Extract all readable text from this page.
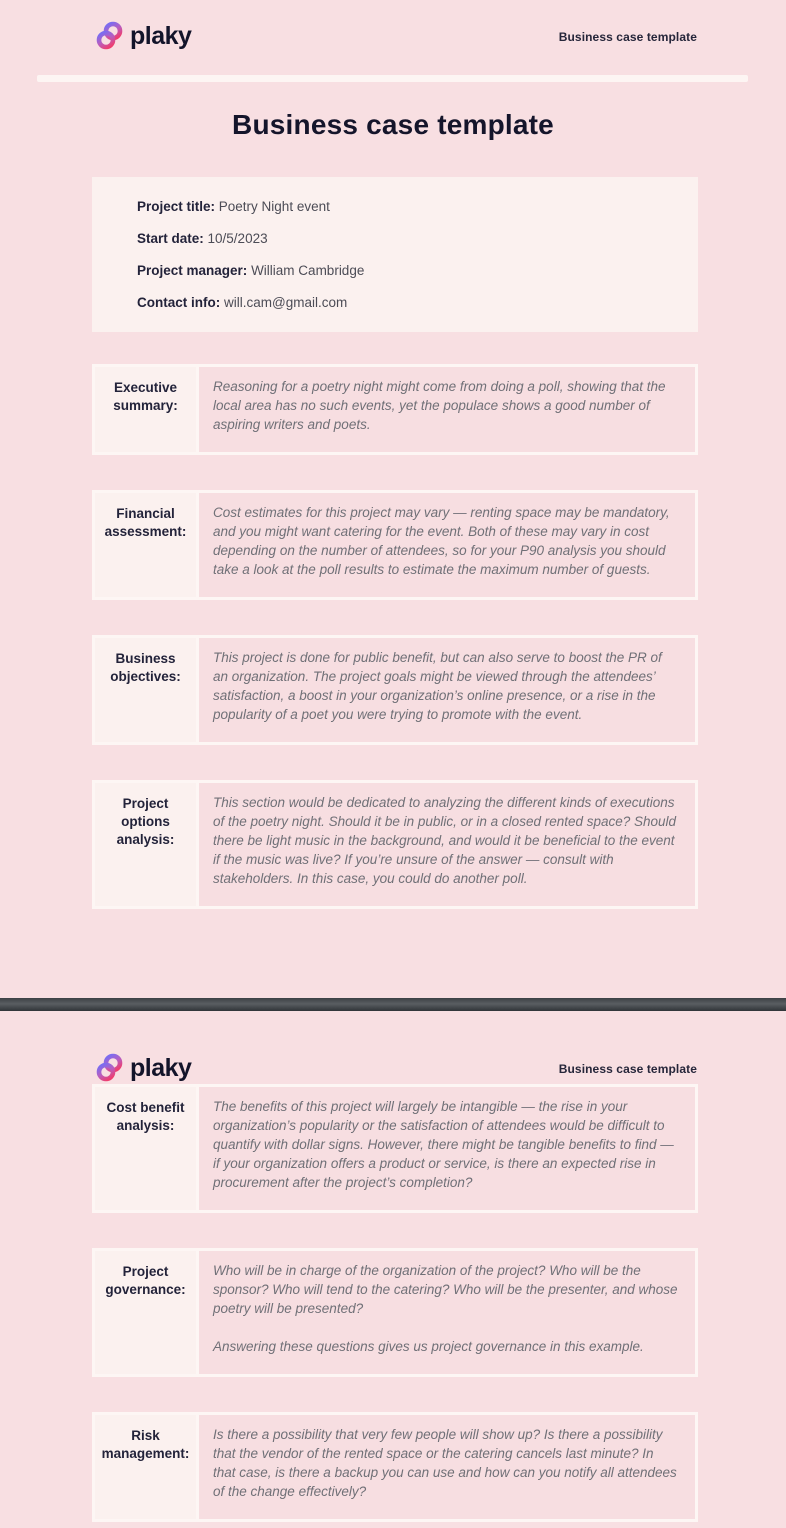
plaky	Business case template
Business case template
Project title: Poetry Night event
Start date: 10/5/2023
Project manager: William Cambridge
Contact info: will.cam@gmail.com
Executive summary:

Reasoning for a poetry night might come from doing a poll, showing that the local area has no such events, yet the populace shows a good number of aspiring writers and poets.

Financial assessment:

Cost estimates for this project may vary — renting space may be mandatory, and you might want catering for the event. Both of these may vary in cost depending on the number of attendees, so for your P90 analysis you should take a look at the poll results to estimate the maximum number of guests.

Business objectives:

This project is done for public benefit, but can also serve to boost the PR of an organization. The project goals might be viewed through the attendees’ satisfaction, a boost in your organization’s online presence, or a rise in the popularity of a poet you were trying to promote with the event.

Project options analysis:

This section would be dedicated to analyzing the different kinds of executions of the poetry night. Should it be in public, or in a closed rented space? Should there be light music in the background, and would it be beneficial to the event if the music was live? If you’re unsure of the answer — consult with stakeholders. In this case, you could do another poll.

plaky	Business case template
Cost benefit analysis:

The benefits of this project will largely be intangible — the rise in your organization’s popularity or the satisfaction of attendees would be difficult to quantify with dollar signs. However, there might be tangible benefits to find — if your organization offers a product or service, is there an expected rise in procurement after the project’s completion?

Project governance:

Who will be in charge of the organization of the project? Who will be the sponsor? Who will tend to the catering? Who will be the presenter, and whose poetry will be presented?

Answering these questions gives us project governance in this example.

Risk management:

Is there a possibility that very few people will show up? Is there a possibility that the vendor of the rented space or the catering cancels last minute? In that case, is there a backup you can use and how can you notify all attendees of the change effectively?
